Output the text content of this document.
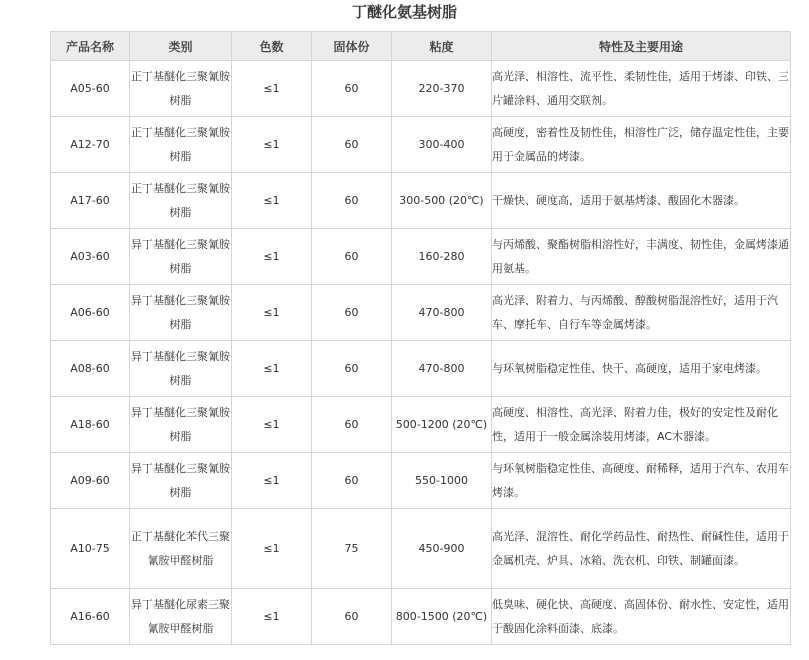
丁醚化氨基树脂
产品名称	类别	色数	固体份	粘度	特性及主要用途
A05-60	正丁基醚化三聚氰胺树脂	≤1	60	220-370	高光泽、相溶性、流平性、柔韧性佳，适用于烤漆、印铁、三片罐涂料、通用交联剂。
A12-70	正丁基醚化三聚氰胺树脂	≤1	60	300-400	高硬度，密着性及韧性佳，相溶性广泛，储存温定性佳，主要用于金属品的烤漆。
A17-60	正丁基醚化三聚氰胺树脂	≤1	60	300-500 (20℃)	干燥快、硬度高，适用于氨基烤漆、酸固化木器漆。
A03-60	异丁基醚化三聚氰胺树脂	≤1	60	160-280	与丙烯酸、聚酯树脂相溶性好，丰满度、韧性佳，金属烤漆通用氨基。
A06-60	异丁基醚化三聚氰胺树脂	≤1	60	470-800	高光泽、附着力、与丙烯酸、醇酸树脂混溶性好，适用于汽车、摩托车、自行车等金属烤漆。
A08-60	异丁基醚化三聚氰胺树脂	≤1	60	470-800	与环氧树脂稳定性佳、快干、高硬度，适用于家电烤漆。
A18-60	异丁基醚化三聚氰胺树脂	≤1	60	500-1200 (20℃)	高硬度、相溶性、高光泽、附着力佳，极好的安定性及耐化性，适用于一般金属涂装用烤漆，AC木器漆。
A09-60	异丁基醚化三聚氰胺树脂	≤1	60	550-1000	与环氧树脂稳定性佳、高硬度、耐稀释，适用于汽车、农用车烤漆。
A10-75	正丁基醚化苯代三聚氰胺甲醛树脂	≤1	75	450-900	高光泽、混溶性、耐化学药品性、耐热性、耐碱性佳，适用于金属机壳、炉具、冰箱、洗衣机、印铁、制罐面漆。
A16-60	异丁基醚化尿素三聚氰胺甲醛树脂	≤1	60	800-1500 (20℃)	低臭味、硬化快、高硬度、高固体份、耐水性、安定性，适用于酸固化涂料面漆、底漆。
